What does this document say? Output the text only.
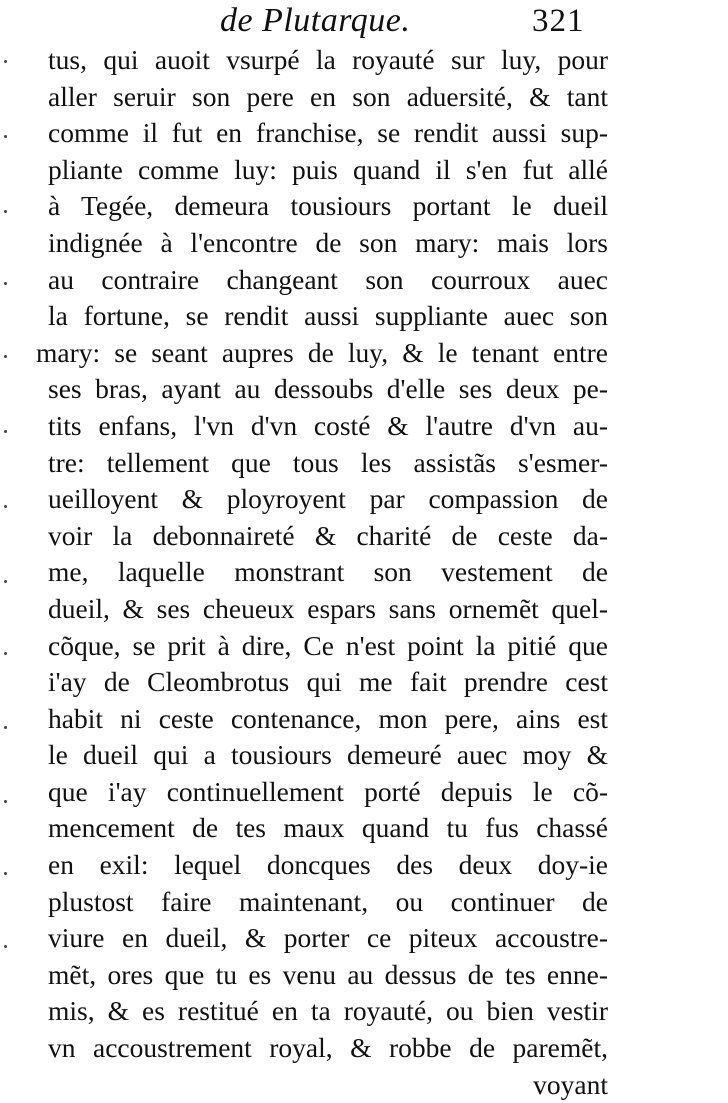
de Plutarque.	321
tus, qui auoit vsurpé la royauté sur luy, pour
aller seruir son pere en son aduersité, & tant
comme il fut en franchise, se rendit aussi sup-
pliante comme luy: puis quand il s'en fut allé
à Tegée, demeura tousiours portant le dueil
indignée à l'encontre de son mary: mais lors
au contraire changeant son courroux auec
la fortune, se rendit aussi suppliante auec son
mary: se seant aupres de luy, & le tenant entre
ses bras, ayant au dessoubs d'elle ses deux pe-
tits enfans, l'vn d'vn costé & l'autre d'vn au-
tre: tellement que tous les assistãs s'esmer-
ueilloyent & ployroyent par compassion de
voir la debonnaireté & charité de ceste da-
me, laquelle monstrant son vestement de
dueil, & ses cheueux espars sans ornemẽt quel-
cõque, se prit à dire, Ce n'est point la pitié que
i'ay de Cleombrotus qui me fait prendre cest
habit ni ceste contenance, mon pere, ains est
le dueil qui a tousiours demeuré auec moy &
que i'ay continuellement porté depuis le cõ-
mencement de tes maux quand tu fus chassé
en exil: lequel doncques des deux doy-ie
plustost faire maintenant, ou continuer de
viure en dueil, & porter ce piteux accoustre-
mẽt, ores que tu es venu au dessus de tes enne-
mis, & es restitué en ta royauté, ou bien vestir
vn accoustrement royal, & robbe de paremẽt,
voyant
